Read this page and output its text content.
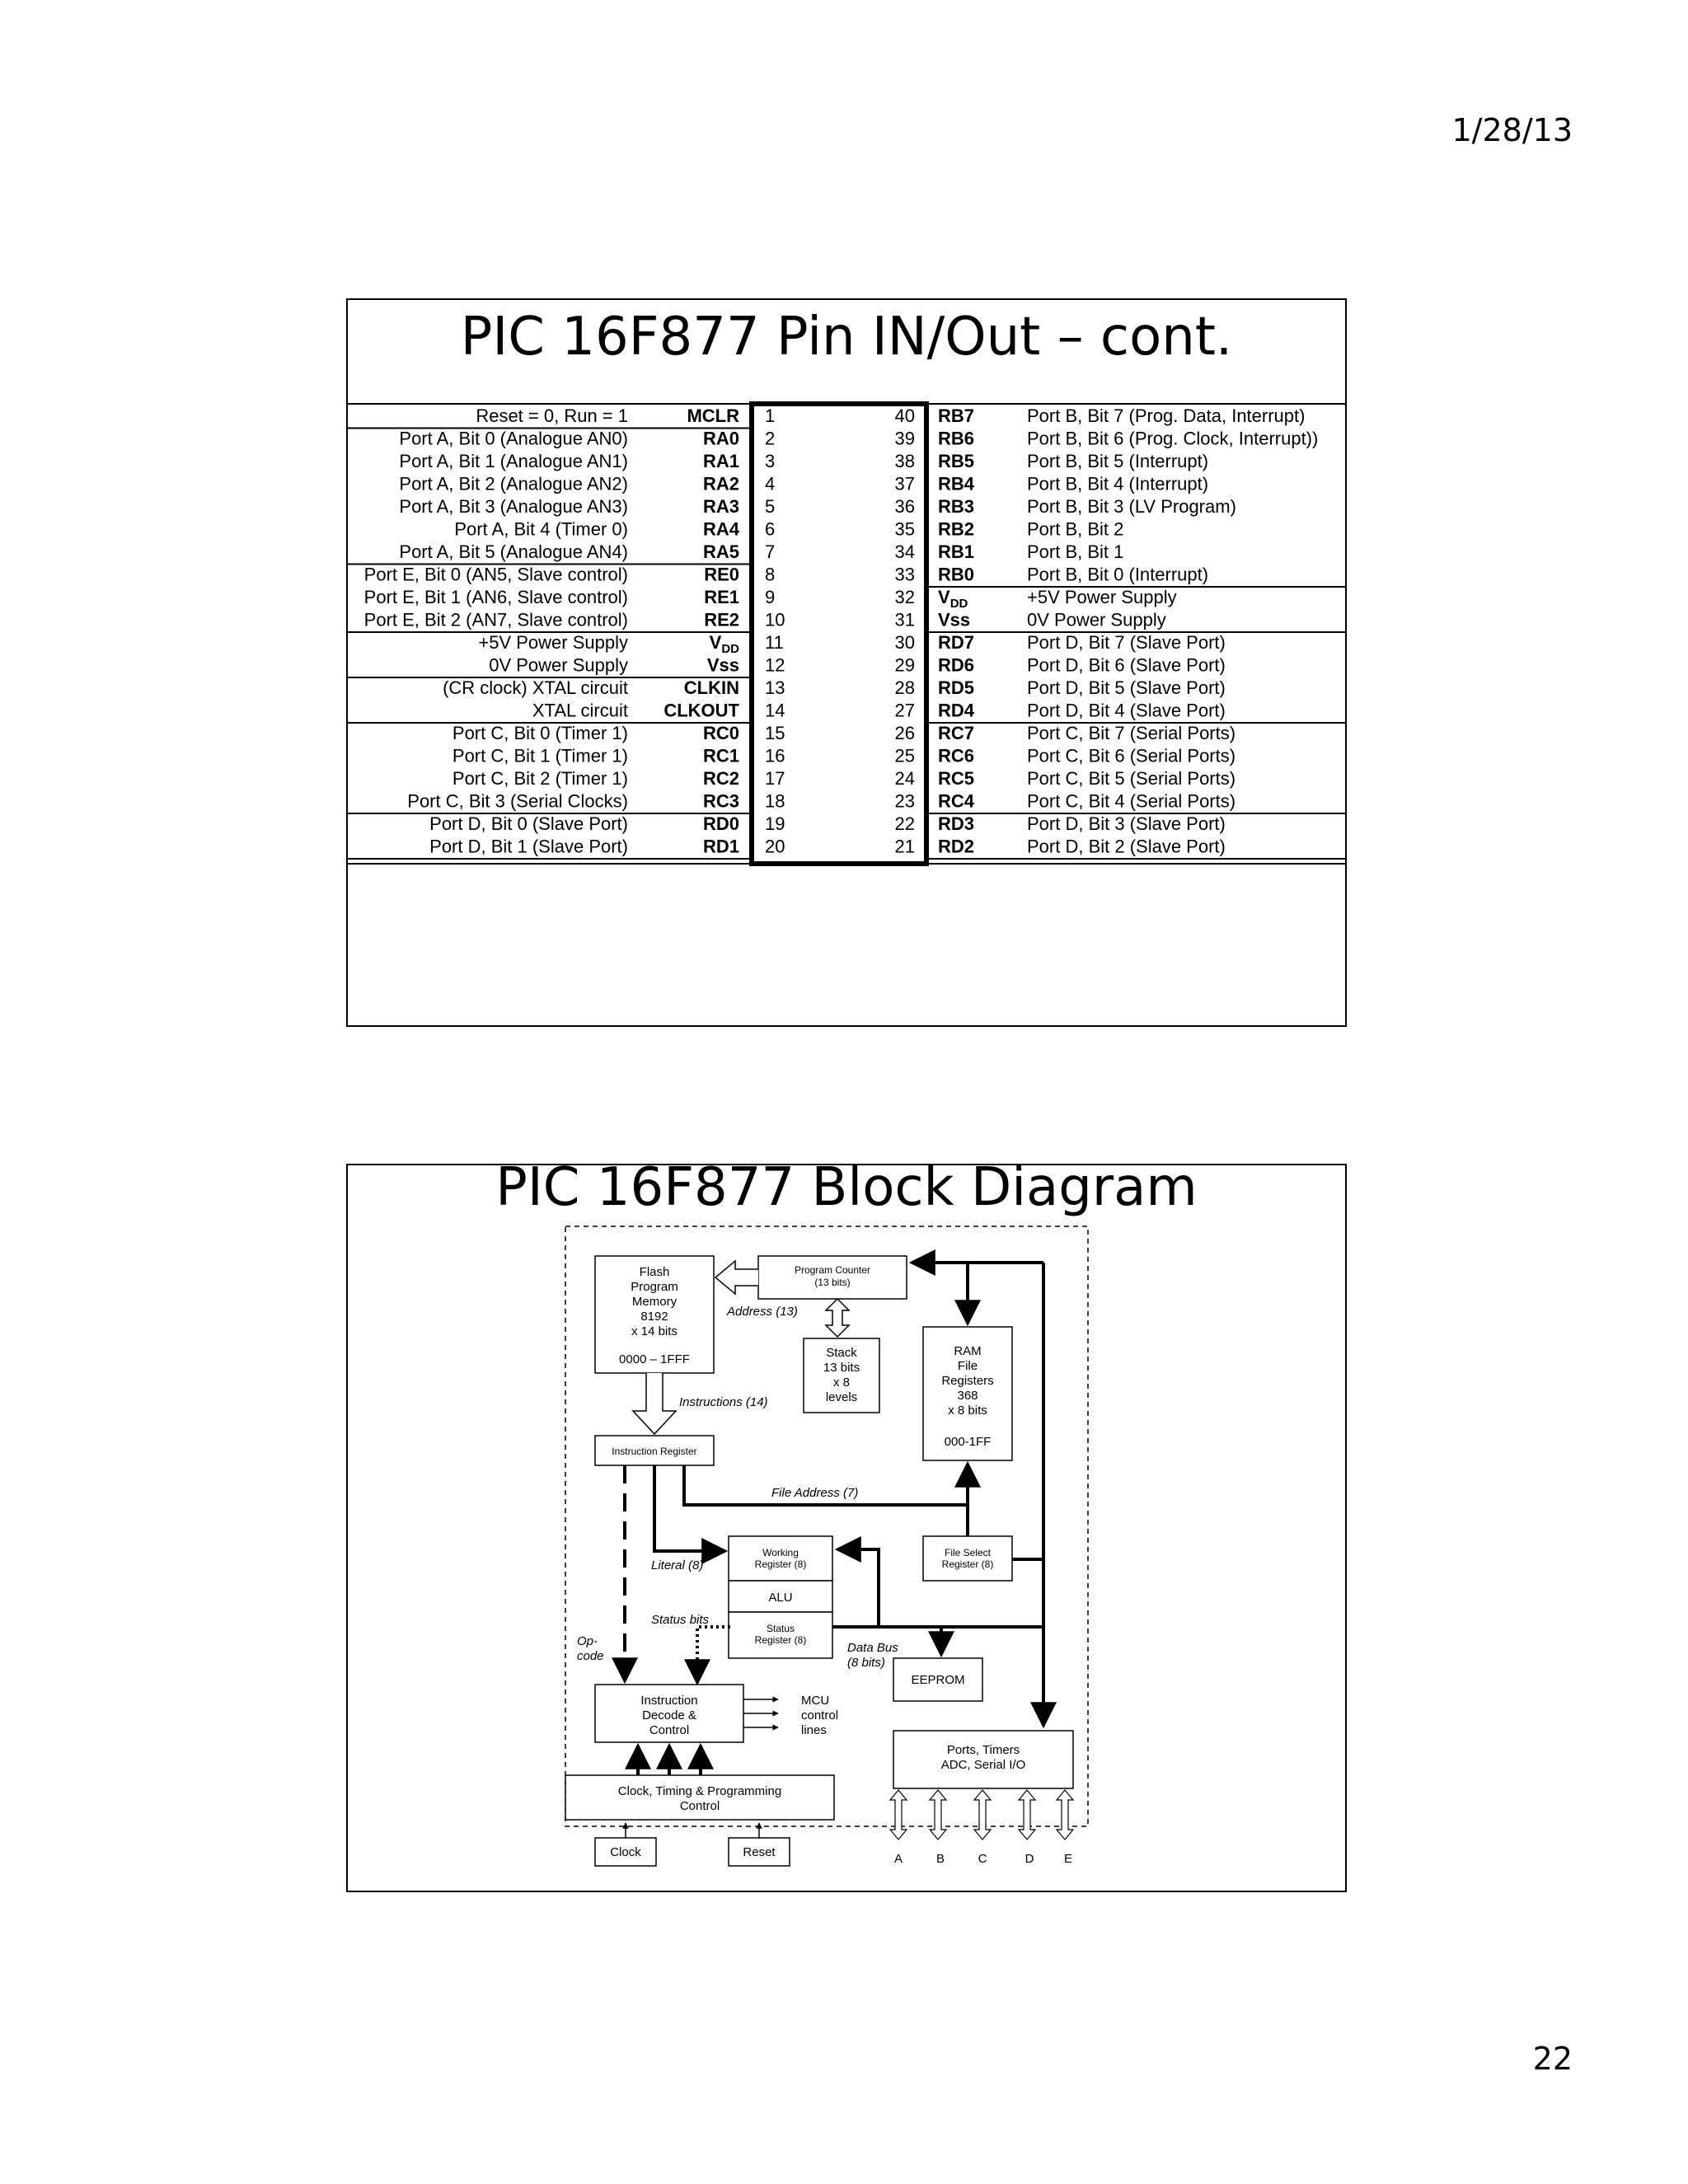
1/28/13
PIC 16F877 Pin IN/Out – cont.
Reset = 0, Run = 1	MCLR 1	40 RB7	Port B, Bit 7 (Prog. Data, Interrupt)
Port A, Bit 0 (Analogue AN0)	RA0 2	39 RB6	Port B, Bit 6 (Prog. Clock, Interrupt))
Port A, Bit 1 (Analogue AN1)	RA1 3	38 RB5	Port B, Bit 5 (Interrupt)
Port A, Bit 2 (Analogue AN2)	RA2 4	37 RB4	Port B, Bit 4 (Interrupt)
Port A, Bit 3 (Analogue AN3)	RA3 5	36 RB3	Port B, Bit 3 (LV Program)
Port A, Bit 4 (Timer 0)	RA4 6	35 RB2	Port B, Bit 2
Port A, Bit 5 (Analogue AN4)	RA5 7	34 RB1	Port B, Bit 1
Port E, Bit 0 (AN5, Slave control)	RE0 8	33 RB0	Port B, Bit 0 (Interrupt)
Port E, Bit 1 (AN6, Slave control)	RE1 9	32 $V_{DD}$	+5V Power Supply
Port E, Bit 2 (AN7, Slave control)	RE2 10	31 Vss	0V Power Supply
+5V Power Supply	$V_{DD}$ 11	30 RD7	Port D, Bit 7 (Slave Port)
0V Power Supply	Vss 12	29 RD6	Port D, Bit 6 (Slave Port)
(CR clock) XTAL circuit	CLKIN 13	28 RD5	Port D, Bit 5 (Slave Port)
XTAL circuit CLKOUT 14	27 RD4	Port D, Bit 4 (Slave Port)
Port C, Bit 0 (Timer 1)	RC0 15	26 RC7	Port C, Bit 7 (Serial Ports)
Port C, Bit 1 (Timer 1)	RC1 16	25 RC6	Port C, Bit 6 (Serial Ports)
Port C, Bit 2 (Timer 1)	RC2 17	24 RC5	Port C, Bit 5 (Serial Ports)
Port C, Bit 3 (Serial Clocks)	RC3 18	23 RC4	Port C, Bit 4 (Serial Ports)
Port D, Bit 0 (Slave Port)	RD0 19	22 RD3	Port D, Bit 3 (Slave Port)
Port D, Bit 1 (Slave Port)	RD1 20	21 RD2	Port D, Bit 2 (Slave Port)
PIC 16F877 Block Diagram
Flash
Program
Memory
8192
x 14 bits
0000 – 1FFF
Program Counter
(13 bits)
Address (13)
Stack
13 bits
x 8
levels
RAM
File
Registers
368
x 8 bits
000-1FF
Instructions (14)
Instruction Register
File Address (7)
Literal (8)
Op-
code
Working
Register (8)
ALU
Status
Register (8)
Status bits
File Select
Register (8)
Data Bus
(8 bits)
EEPROM
Instruction
Decode &
Control
MCU
control
lines
Ports, Timers
ADC, Serial I/O
Clock, Timing & Programming
Control
Clock	Reset	A	B	C	D E
22
